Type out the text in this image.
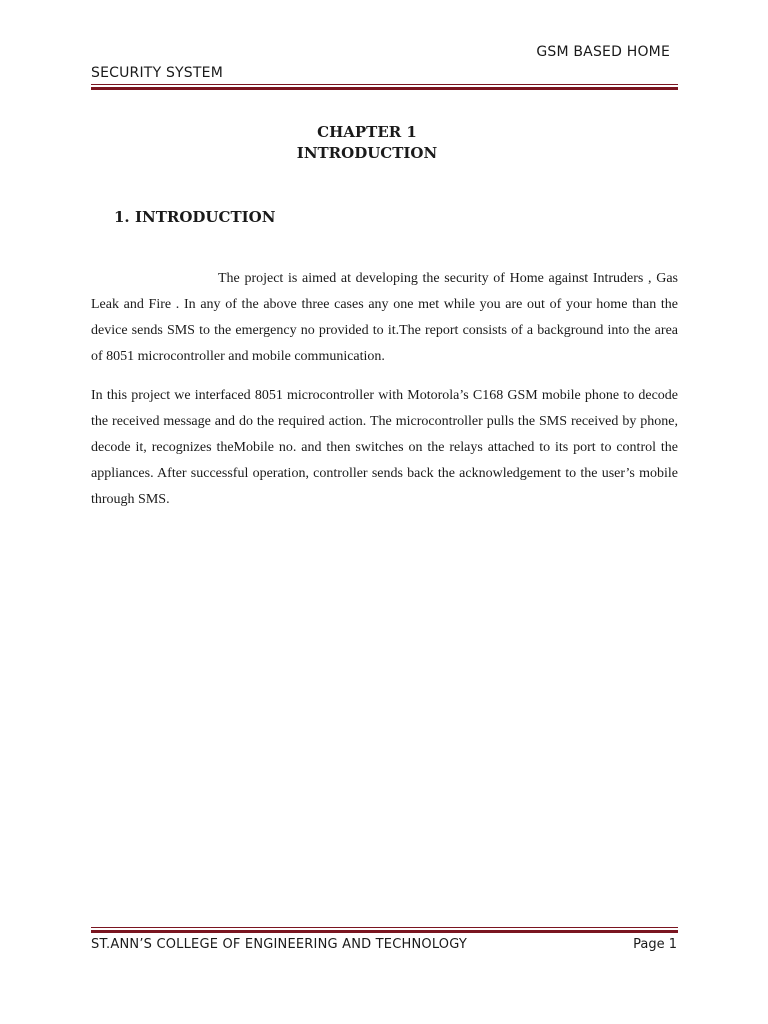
GSM BASED HOME
SECURITY SYSTEM
CHAPTER 1
INTRODUCTION
1. INTRODUCTION

The project is aimed at developing the security of Home against Intruders , Gas Leak and Fire . In any of the above three cases any one met while you are out of your home than the device sends SMS to the emergency no provided to it.The report consists of a background into the area of 8051 microcontroller and mobile communication.

In this project we interfaced 8051 microcontroller with Motorola’s C168 GSM mobile phone to decode the received message and do the required action. The microcontroller pulls the SMS received by phone, decode it, recognizes theMobile no. and then switches on the relays attached to its port to control the appliances. After successful operation, controller sends back the acknowledgement to the user’s mobile through SMS.

ST.ANN’S COLLEGE OF ENGINEERING AND TECHNOLOGY	Page 1
